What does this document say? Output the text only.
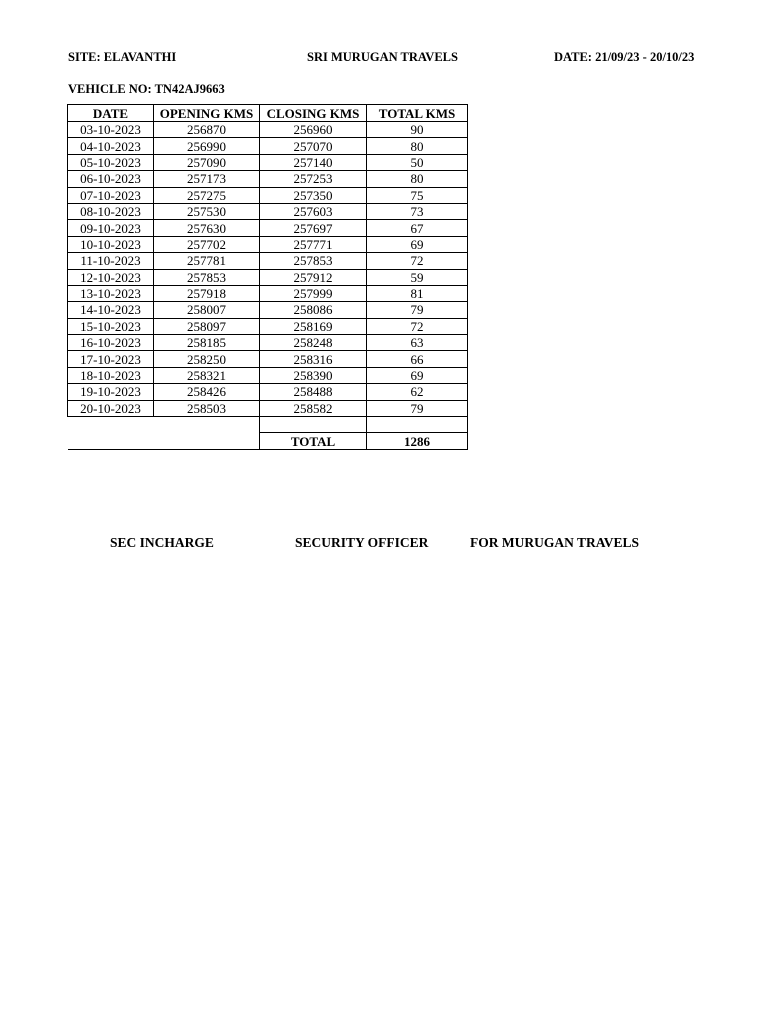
SITE: ELAVANTHI	SRI MURUGAN TRAVELS	DATE: 21/09/23 - 20/10/23
VEHICLE NO: TN42AJ9663
DATE	OPENING KMS	CLOSING KMS	TOTAL KMS
03-10-2023	256870	256960	90
04-10-2023	256990	257070	80
05-10-2023	257090	257140	50
06-10-2023	257173	257253	80
07-10-2023	257275	257350	75
08-10-2023	257530	257603	73
09-10-2023	257630	257697	67
10-10-2023	257702	257771	69
11-10-2023	257781	257853	72
12-10-2023	257853	257912	59
13-10-2023	257918	257999	81
14-10-2023	258007	258086	79
15-10-2023	258097	258169	72
16-10-2023	258185	258248	63
17-10-2023	258250	258316	66
18-10-2023	258321	258390	69
19-10-2023	258426	258488	62
20-10-2023	258503	258582	79

		TOTAL	1286
SEC INCHARGE	SECURITY OFFICER	FOR MURUGAN TRAVELS
